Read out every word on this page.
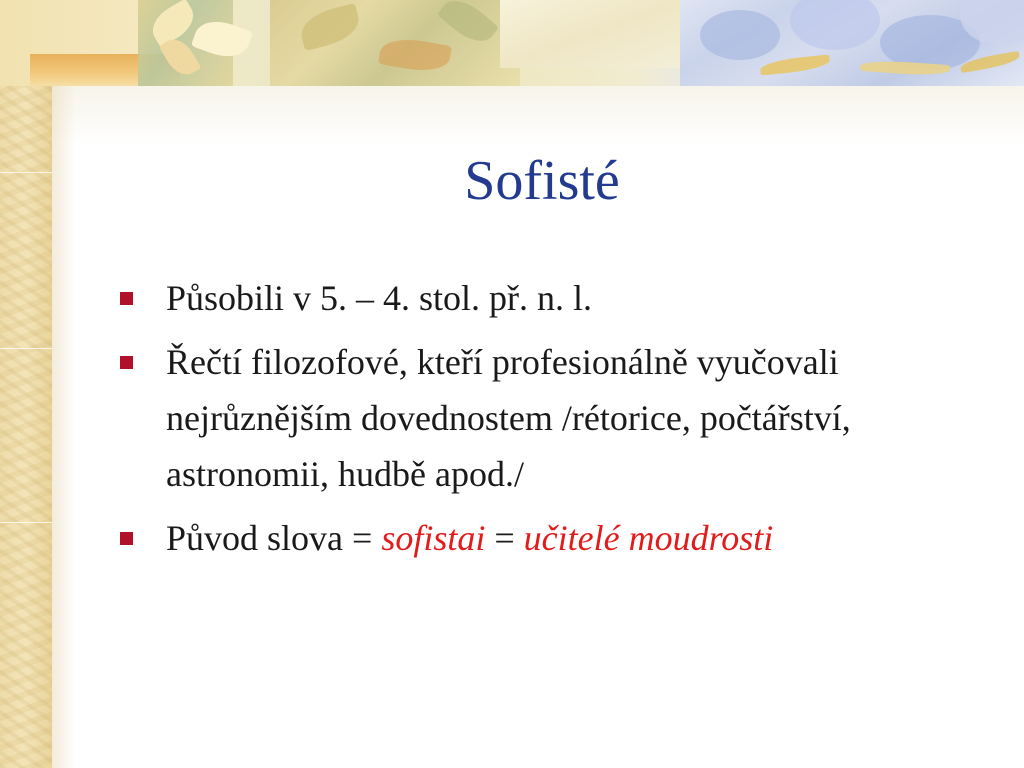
Sofisté
Působili v 5. – 4. stol. př. n. l.
Řečtí filozofové, kteří profesionálně vyučovali nejrůznějším dovednostem /rétorice, počtářství, astronomii, hudbě apod./
Původ slova = sofistai = učitelé moudrosti
